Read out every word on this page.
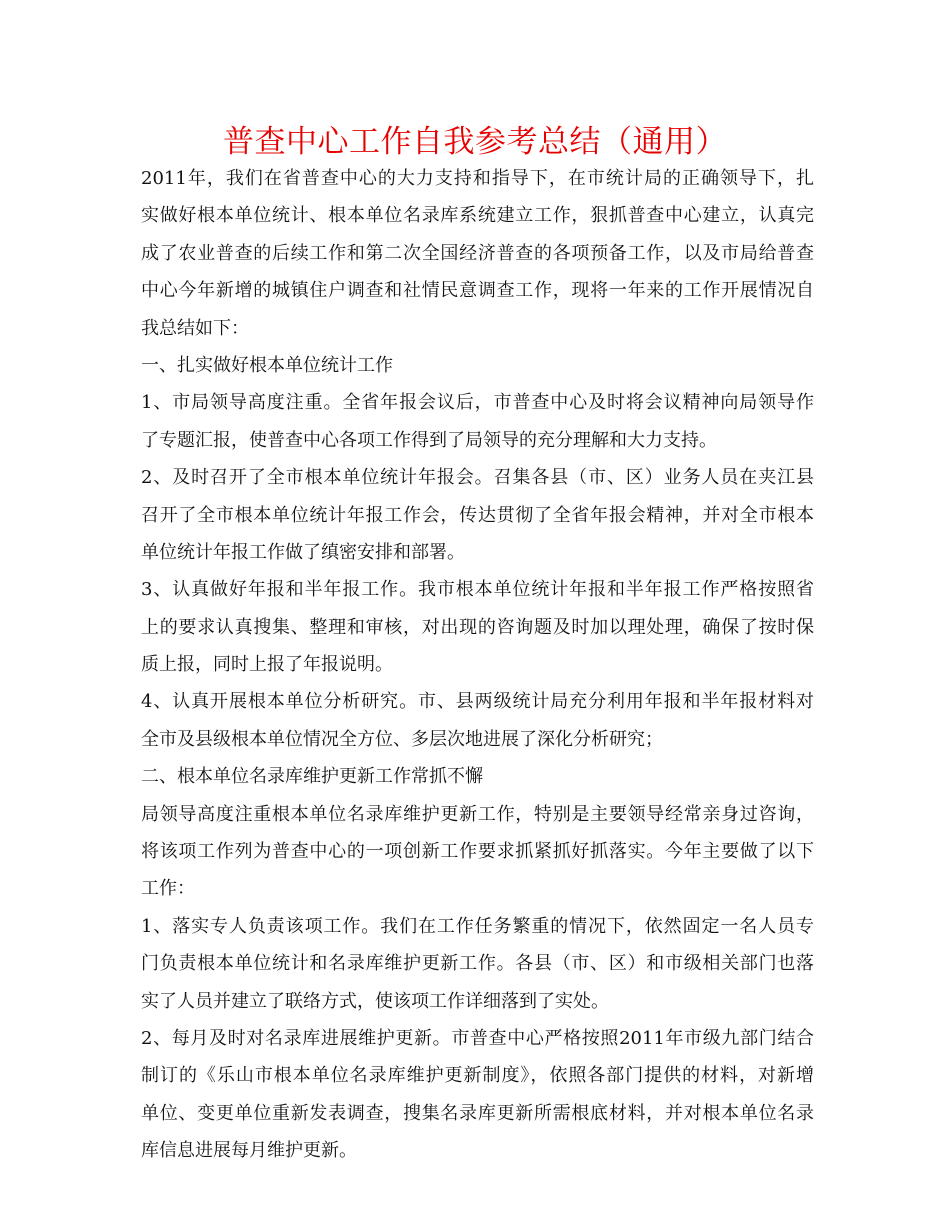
普查中心工作自我参考总结（通用）
2011年，我们在省普查中心的大力支持和指导下，在市统计局的正确领导下，扎
实做好根本单位统计、根本单位名录库系统建立工作，狠抓普查中心建立，认真完
成了农业普查的后续工作和第二次全国经济普查的各项预备工作，以及市局给普查
中心今年新增的城镇住户调查和社情民意调查工作，现将一年来的工作开展情况自
我总结如下：
一、扎实做好根本单位统计工作
1、市局领导高度注重。全省年报会议后，市普查中心及时将会议精神向局领导作
了专题汇报，使普查中心各项工作得到了局领导的充分理解和大力支持。
2、及时召开了全市根本单位统计年报会。召集各县（市、区）业务人员在夹江县
召开了全市根本单位统计年报工作会，传达贯彻了全省年报会精神，并对全市根本
单位统计年报工作做了缜密安排和部署。
3、认真做好年报和半年报工作。我市根本单位统计年报和半年报工作严格按照省
上的要求认真搜集、整理和审核，对出现的咨询题及时加以理处理，确保了按时保
质上报，同时上报了年报说明。
4、认真开展根本单位分析研究。市、县两级统计局充分利用年报和半年报材料对
全市及县级根本单位情况全方位、多层次地进展了深化分析研究；
二、根本单位名录库维护更新工作常抓不懈
局领导高度注重根本单位名录库维护更新工作，特别是主要领导经常亲身过咨询，
将该项工作列为普查中心的一项创新工作要求抓紧抓好抓落实。今年主要做了以下
工作：
1、落实专人负责该项工作。我们在工作任务繁重的情况下，依然固定一名人员专
门负责根本单位统计和名录库维护更新工作。各县（市、区）和市级相关部门也落
实了人员并建立了联络方式，使该项工作详细落到了实处。
2、每月及时对名录库进展维护更新。市普查中心严格按照2011年市级九部门结合
制订的《乐山市根本单位名录库维护更新制度》，依照各部门提供的材料，对新增
单位、变更单位重新发表调查，搜集名录库更新所需根底材料，并对根本单位名录
库信息进展每月维护更新。
